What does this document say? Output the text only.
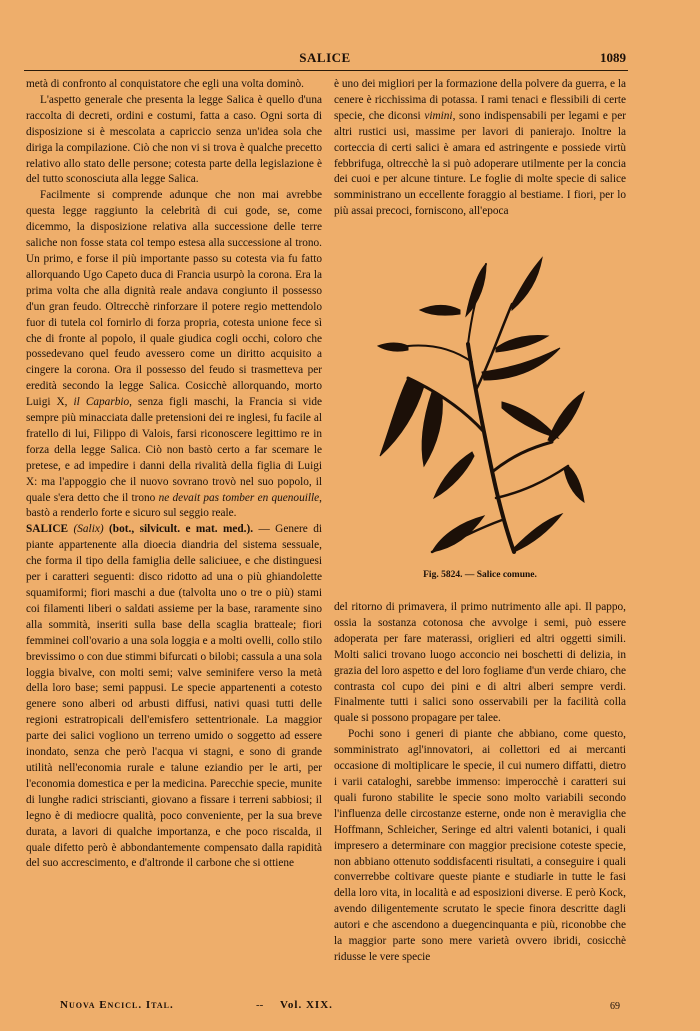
SALICE	1089

metà di confronto al conquistatore che egli una volta dominò.

L'aspetto generale che presenta la legge Salica è quello d'una raccolta di decreti, ordini e costumi, fatta a caso. Ogni sorta di disposizione si è mescolata a capriccio senza un'idea sola che diriga la compilazione. Ciò che non vi si trova è qualche precetto relativo allo stato delle persone; cotesta parte della legislazione è del tutto sconosciuta alla legge Salica.

Facilmente si comprende adunque che non mai avrebbe questa legge raggiunto la celebrità di cui gode, se, come dicemmo, la disposizione relativa alla successione delle terre saliche non fosse stata col tempo estesa alla successione al trono. Un primo, e forse il più importante passo su cotesta via fu fatto allorquando Ugo Capeto duca di Francia usurpò la corona. Era la prima volta che alla dignità reale andava congiunto il possesso d'un gran feudo. Oltrecchè rinforzare il potere regio mettendolo fuor di tutela col fornirlo di forza propria, cotesta unione fece sì che di fronte al popolo, il quale giudica cogli occhi, coloro che possedevano quel feudo avessero come un diritto acquisito a cingere la corona. Ora il possesso del feudo si trasmetteva per eredità secondo la legge Salica. Cosicchè allorquando, morto Luigi X, il Caparbio, senza figli maschi, la Francia si vide sempre più minacciata dalle pretensioni dei re inglesi, fu facile al fratello di lui, Filippo di Valois, farsi riconoscere legittimo re in forza della legge Salica. Ciò non bastò certo a far scemare le pretese, e ad impedire i danni della rivalità della figlia di Luigi X: ma l'appoggio che il nuovo sovrano trovò nel suo popolo, il quale s'era detto che il trono ne devait pas tomber en quenouille, bastò a renderlo forte e sicuro sul seggio reale.

SALICE (Salix) (bot., silvicult. e mat. med.). — Genere di piante appartenente alla dioecia diandria del sistema sessuale, che forma il tipo della famiglia delle saliciuee, e che distinguesi per i caratteri seguenti: disco ridotto ad una o più ghiandolette squamiformi; fiori maschi a due (talvolta uno o tre o più) stami coi filamenti liberi o saldati assieme per la base, raramente sino alla sommità, inseriti sulla base della scaglia bratteale; fiori femminei coll'ovario a una sola loggia e a molti ovelli, collo stilo brevissimo o con due stimmi bifurcati o bilobi; cassula a una sola loggia bivalve, con molti semi; valve seminifere verso la metà della loro base; semi pappusi. Le specie appartenenti a cotesto genere sono alberi od arbusti diffusi, nativi quasi tutti delle regioni estratropicali dell'emisfero settentrionale. La maggior parte dei salici vogliono un terreno umido o soggetto ad essere inondato, senza che però l'acqua vi stagni, e sono di grande utilità nell'economia rurale e talune eziandio per le arti, per l'economia domestica e per la medicina. Parecchie specie, munite di lunghe radici striscianti, giovano a fissare i terreni sabbiosi; il legno è di mediocre qualità, poco conveniente, per la sua breve durata, a lavori di qualche importanza, e che poco riscalda, il quale difetto però è abbondantemente compensato dalla rapidità del suo accrescimento, e d'altronde il carbone che si ottiene

è uno dei migliori per la formazione della polvere da guerra, e la cenere è ricchissima di potassa. I rami tenaci e flessibili di certe specie, che diconsi vimini, sono indispensabili per legami e per altri rustici usi, massime per lavori di panierajo. Inoltre la corteccia di certi salici è amara ed astringente e possiede virtù febbrifuga, oltrecchè la si può adoperare utilmente per la concia dei cuoi e per alcune tinture. Le foglie di molte specie di salice somministrano un eccellente foraggio al bestiame. I fiori, per lo più assai precoci, forniscono, all'epoca

Fig. 5824. — Salice comune.

del ritorno di primavera, il primo nutrimento alle api. Il pappo, ossia la sostanza cotonosa che avvolge i semi, può essere adoperata per fare materassi, origlieri ed altri oggetti simili. Molti salici trovano luogo acconcio nei boschetti di delizia, in grazia del loro aspetto e del loro fogliame d'un verde chiaro, che contrasta col cupo dei pini e di altri alberi sempre verdi. Finalmente tutti i salici sono osservabili per la facilità colla quale si possono propagare per talee.

Pochi sono i generi di piante che abbiano, come questo, somministrato agl'innovatori, ai collettori ed ai mercanti occasione di moltiplicare le specie, il cui numero diffatti, dietro i varii cataloghi, sarebbe immenso: imperocchè i caratteri sui quali furono stabilite le specie sono molto variabili secondo l'influenza delle circostanze esterne, onde non è meraviglia che Hoffmann, Schleicher, Seringe ed altri valenti botanici, i quali impresero a determinare con maggior precisione coteste specie, non abbiano ottenuto soddisfacenti risultati, a conseguire i quali converrebbe coltivare queste piante e studiarle in tutte le fasi della loro vita, in località e ad esposizioni diverse. E però Kock, avendo diligentemente scrutato le specie finora descritte dagli autori e che ascendono a duegencinquanta e più, riconobbe che la maggior parte sono mere varietà ovvero ibridi, cosicchè ridusse le vere specie

Nuova Encicl. Ital.	-- Vol. XIX.	69
